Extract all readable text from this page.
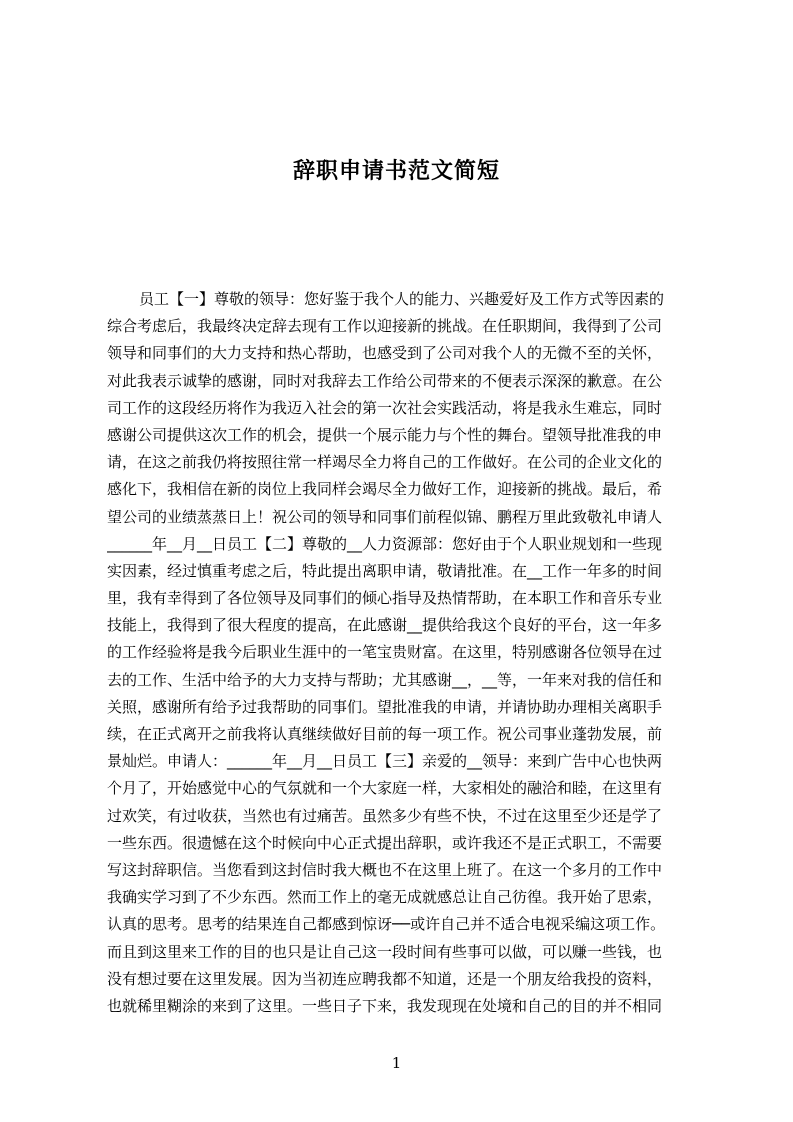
辞职申请书范文简短
员工【一】尊敬的领导：您好鉴于我个人的能力、兴趣爱好及工作方式等因素的
综合考虑后，我最终决定辞去现有工作以迎接新的挑战。在任职期间，我得到了公司
领导和同事们的大力支持和热心帮助，也感受到了公司对我个人的无微不至的关怀，
对此我表示诚挚的感谢，同时对我辞去工作给公司带来的不便表示深深的歉意。在公
司工作的这段经历将作为我迈入社会的第一次社会实践活动，将是我永生难忘，同时
感谢公司提供这次工作的机会，提供一个展示能力与个性的舞台。望领导批准我的申
请，在这之前我仍将按照往常一样竭尽全力将自己的工作做好。在公司的企业文化的
感化下，我相信在新的岗位上我同样会竭尽全力做好工作，迎接新的挑战。最后，希
望公司的业绩蒸蒸日上！祝公司的领导和同事们前程似锦、鹏程万里此致敬礼申请人
______年__月__日员工【二】尊敬的__人力资源部：您好由于个人职业规划和一些现
实因素，经过慎重考虑之后，特此提出离职申请，敬请批准。在__工作一年多的时间
里，我有幸得到了各位领导及同事们的倾心指导及热情帮助，在本职工作和音乐专业
技能上，我得到了很大程度的提高，在此感谢__提供给我这个良好的平台，这一年多
的工作经验将是我今后职业生涯中的一笔宝贵财富。在这里，特别感谢各位领导在过
去的工作、生活中给予的大力支持与帮助；尤其感谢__，__等，一年来对我的信任和
关照，感谢所有给予过我帮助的同事们。望批准我的申请，并请协助办理相关离职手
续，在正式离开之前我将认真继续做好目前的每一项工作。祝公司事业蓬勃发展，前
景灿烂。申请人：______年__月__日员工【三】亲爱的__领导：来到广告中心也快两
个月了，开始感觉中心的气氛就和一个大家庭一样，大家相处的融洽和睦，在这里有
过欢笑，有过收获，当然也有过痛苦。虽然多少有些不快，不过在这里至少还是学了
一些东西。很遗憾在这个时候向中心正式提出辞职，或许我还不是正式职工，不需要
写这封辞职信。当您看到这封信时我大概也不在这里上班了。在这一个多月的工作中
我确实学习到了不少东西。然而工作上的毫无成就感总让自己彷徨。我开始了思索，
认真的思考。思考的结果连自己都感到惊讶──或许自己并不适合电视采编这项工作。
而且到这里来工作的目的也只是让自己这一段时间有些事可以做，可以赚一些钱，也
没有想过要在这里发展。因为当初连应聘我都不知道，还是一个朋友给我投的资料，
也就稀里糊涂的来到了这里。一些日子下来，我发现现在处境和自己的目的并不相同
1
